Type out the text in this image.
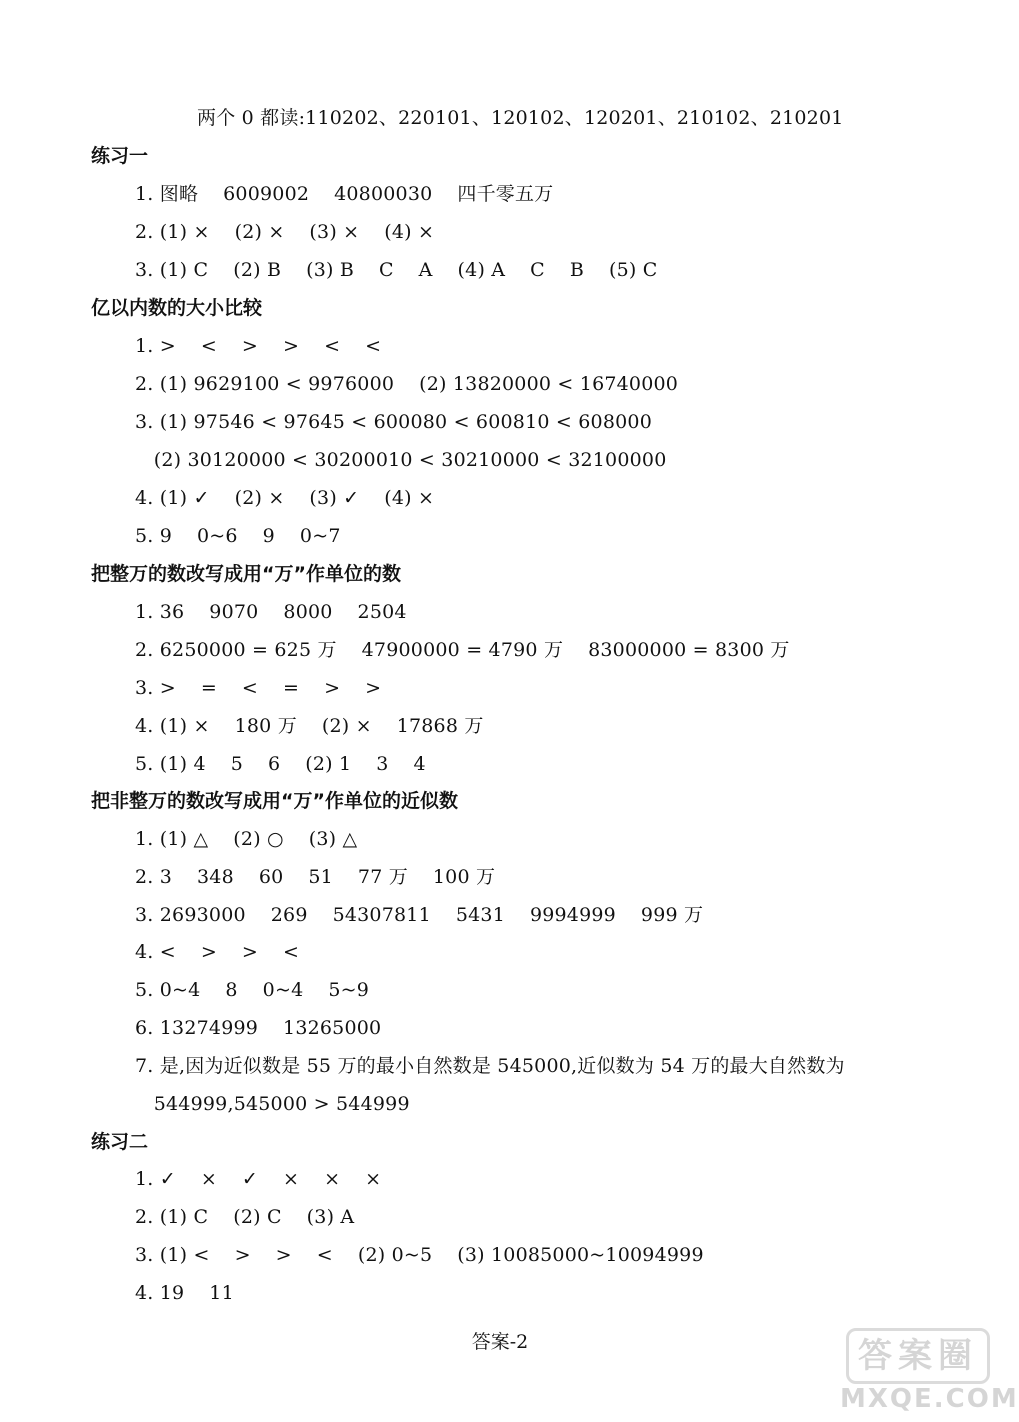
两个 0 都读:110202、220101、120102、120201、210102、210201
练习一
1. 图略    6009002    40800030    四千零五万
2. (1) ×    (2) ×    (3) ×    (4) ×
3. (1) C    (2) B    (3) B    C    A    (4) A    C    B    (5) C
亿以内数的大小比较
1. >    <    >    >    <    <
2. (1) 9629100 < 9976000    (2) 13820000 < 16740000
3. (1) 97546 < 97645 < 600080 < 600810 < 608000
(2) 30120000 < 30200010 < 30210000 < 32100000
4. (1) ✓    (2) ×    (3) ✓    (4) ×
5. 9    0~6    9    0~7
把整万的数改写成用“万”作单位的数
1. 36    9070    8000    2504
2. 6250000 = 625 万    47900000 = 4790 万    83000000 = 8300 万
3. >    =    <    =    >    >
4. (1) ×    180 万    (2) ×    17868 万
5. (1) 4    5    6    (2) 1    3    4
把非整万的数改写成用“万”作单位的近似数
1. (1) △    (2) ○    (3) △
2. 3    348    60    51    77 万    100 万
3. 2693000    269    54307811    5431    9994999    999 万
4. <    >    >    <
5. 0~4    8    0~4    5~9
6. 13274999    13265000
7. 是,因为近似数是 55 万的最小自然数是 545000,近似数为 54 万的最大自然数为
544999,545000 > 544999
练习二
1. ✓    ×    ✓    ×    ×    ×
2. (1) C    (2) C    (3) A
3. (1) <    >    >    <    (2) 0~5    (3) 10085000~10094999
4. 19    11
答案-2	答案圈
MXQE.COM
